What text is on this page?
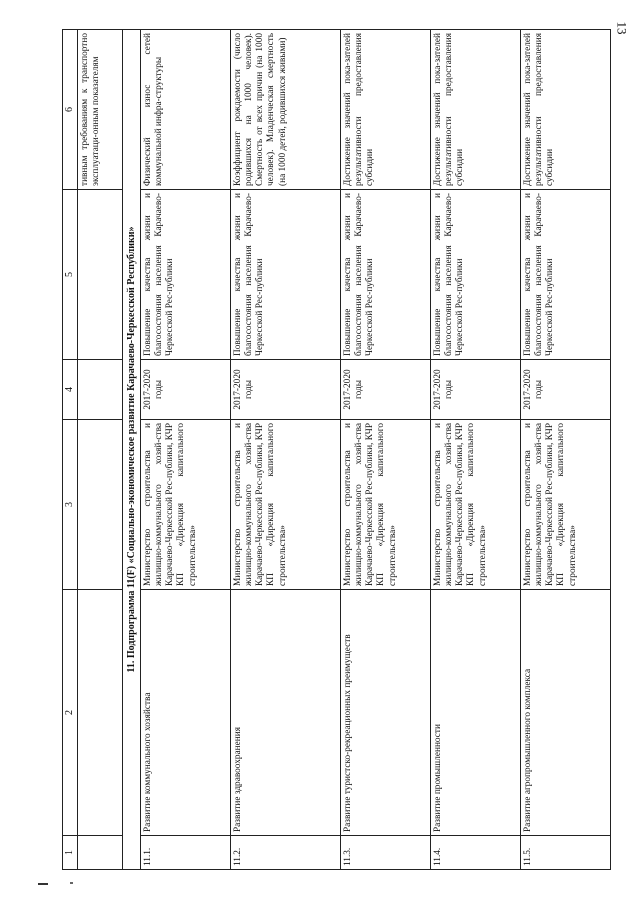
13
1	2	3	4	5	6
					тивным требованиям к транспортно эксплуатаци-онным показателям
11. Подпрограмма 11(F) «Социально-экономическое развитие Карачаево-Черкесской Республики»					
11.1.	Развитие коммунального хозяйства	Министерство строительства и жилищно-коммунального хозяй-ства Карачаево-Черкесской Рес-публики, КЧР КП «Дирекция капитального строительства»	2017-2020 годы	Повышение качества жизни и благосостояния населения Карачаево-Черкесской Рес-публики	Физический износ сетей коммунальной инфра-структуры
11.2.	Развитие здравоохранения	Министерство строительства и жилищно-коммунального хозяй-ства Карачаево-Черкесской Рес-публики, КЧР КП «Дирекция капитального строительства»	2017-2020 годы	Повышение качества жизни и благосостояния населения Карачаево-Черкесской Рес-публики	Коэффициент рождаемости (число родившихся на 1000 человек). Смертность от всех причин (на 1000 человек). Младенческая смертность (на 1000 детей, родившихся живыми)
11.3.	Развитие туристско-рекреационных преимуществ	Министерство строительства и жилищно-коммунального хозяй-ства Карачаево-Черкесской Рес-публики, КЧР КП «Дирекция капитального строительства»	2017-2020 годы	Повышение качества жизни и благосостояния населения Карачаево-Черкесской Рес-публики	Достижение значений пока-зателей результативности предоставления субсидии
11.4.	Развитие промышленности	Министерство строительства и жилищно-коммунального хозяй-ства Карачаево-Черкесской Рес-публики, КЧР КП «Дирекция капитального строительства»	2017-2020 годы	Повышение качества жизни и благосостояния населения Карачаево-Черкесской Рес-публики	Достижение значений пока-зателей результативности предоставления субсидии
11.5.	Развитие агропромышленного комплекса	Министерство строительства и жилищно-коммунального хозяй-ства Карачаево-Черкесской Рес-публики, КЧР КП «Дирекция капитального строительства»	2017-2020 годы	Повышение качества жизни и благосостояния населения Карачаево-Черкесской Рес-публики	Достижение значений пока-зателей результативности предоставления субсидии
